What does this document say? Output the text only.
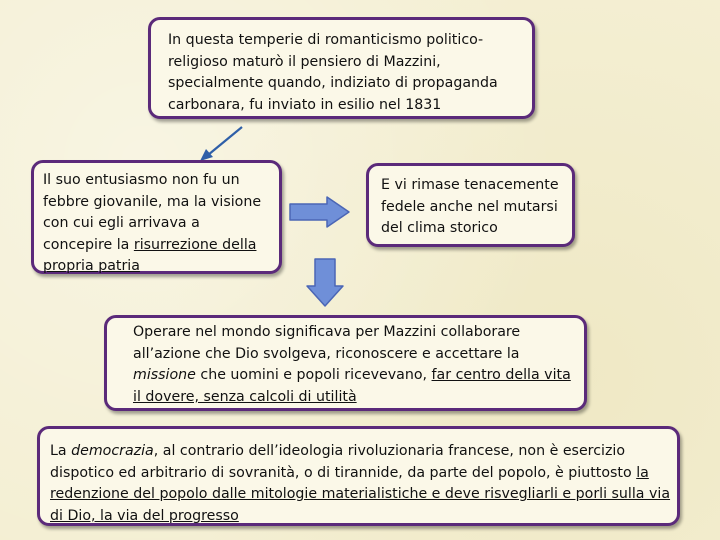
In questa temperie di romanticismo politico-religioso maturò il pensiero di Mazzini, specialmente quando, indiziato di propaganda carbonara, fu inviato in esilio nel 1831
Il suo entusiasmo non fu un febbre giovanile, ma la visione con cui egli arrivava a concepire la risurrezione della propria patria
E vi rimase tenacemente fedele anche nel mutarsi del clima storico
Operare nel mondo significava per Mazzini collaborare all’azione che Dio svolgeva, riconoscere e accettare la missione che uomini e popoli ricevevano, far centro della vita il dovere, senza calcoli di utilità
La democrazia, al contrario dell’ideologia rivoluzionaria francese, non è esercizio dispotico ed arbitrario di sovranità, o di tirannide, da parte del popolo, è piuttosto la redenzione del popolo dalle mitologie materialistiche e deve risvegliarli e porli sulla via di Dio, la via del progresso
